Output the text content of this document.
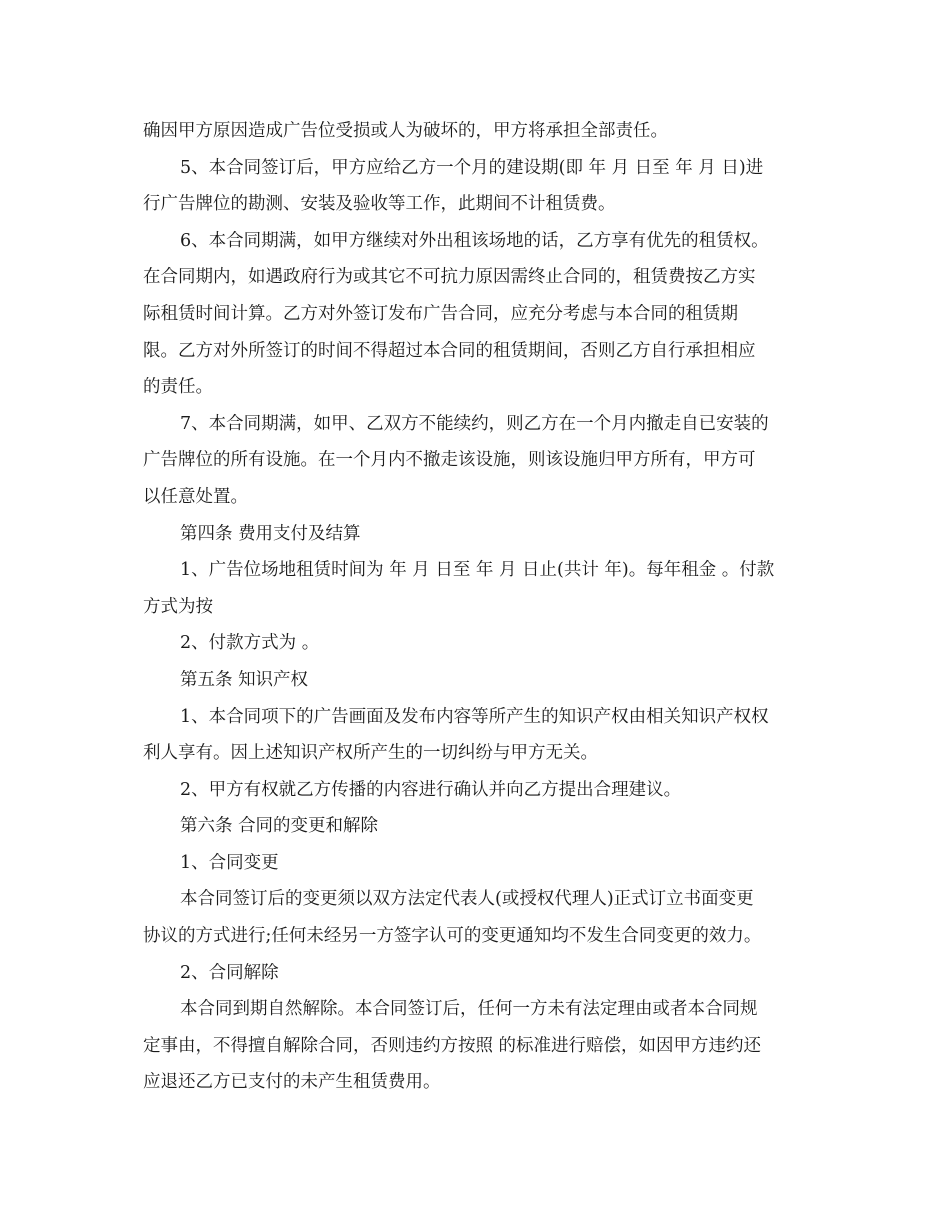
确因甲方原因造成广告位受损或人为破坏的，甲方将承担全部责任。
5、本合同签订后，甲方应给乙方一个月的建设期(即 年 月 日至 年 月 日)进
行广告牌位的勘测、安装及验收等工作，此期间不计租赁费。
6、本合同期满，如甲方继续对外出租该场地的话，乙方享有优先的租赁权。
在合同期内，如遇政府行为或其它不可抗力原因需终止合同的，租赁费按乙方实
际租赁时间计算。乙方对外签订发布广告合同，应充分考虑与本合同的租赁期
限。乙方对外所签订的时间不得超过本合同的租赁期间，否则乙方自行承担相应
的责任。
7、本合同期满，如甲、乙双方不能续约，则乙方在一个月内撤走自已安装的
广告牌位的所有设施。在一个月内不撤走该设施，则该设施归甲方所有，甲方可
以任意处置。
第四条 费用支付及结算
1、广告位场地租赁时间为 年 月 日至 年 月 日止(共计 年)。每年租金 。付款
方式为按
2、付款方式为 。
第五条 知识产权
1、本合同项下的广告画面及发布内容等所产生的知识产权由相关知识产权权
利人享有。因上述知识产权所产生的一切纠纷与甲方无关。
2、甲方有权就乙方传播的内容进行确认并向乙方提出合理建议。
第六条 合同的变更和解除
1、合同变更
本合同签订后的变更须以双方法定代表人(或授权代理人)正式订立书面变更
协议的方式进行;任何未经另一方签字认可的变更通知均不发生合同变更的效力。
2、合同解除
本合同到期自然解除。本合同签订后，任何一方未有法定理由或者本合同规
定事由，不得擅自解除合同，否则违约方按照 的标准进行赔偿，如因甲方违约还
应退还乙方已支付的未产生租赁费用。
